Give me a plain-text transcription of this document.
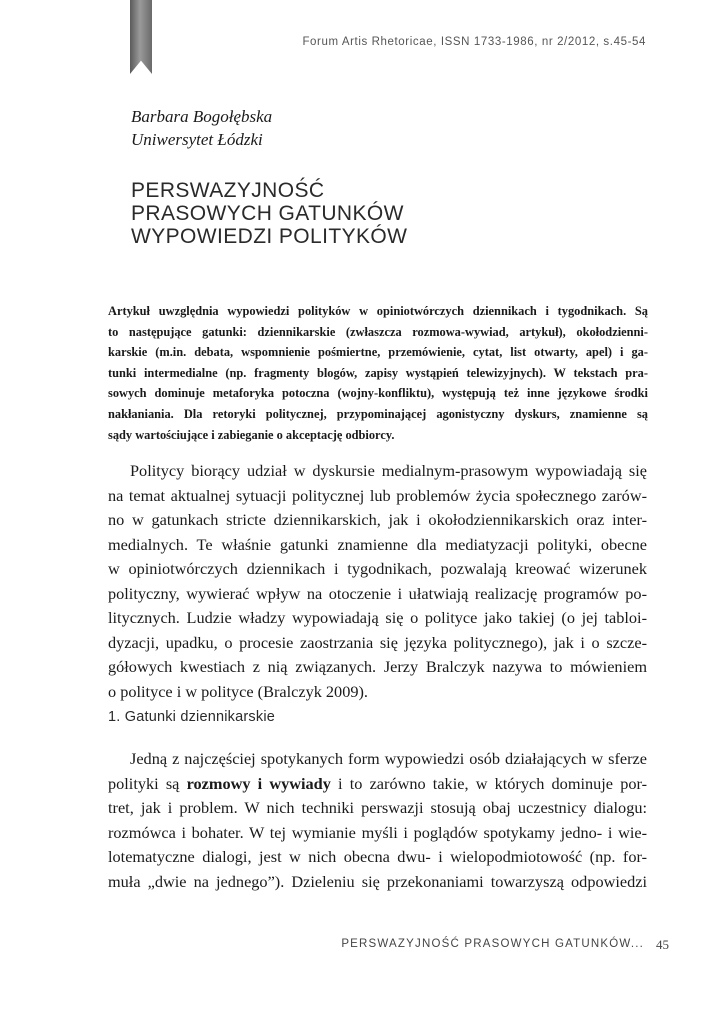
Forum Artis Rhetoricae, ISSN 1733-1986, nr 2/2012, s.45-54
Barbara Bogołębska
Uniwersytet Łódzki
PERSWAZYJNOŚĆ
PRASOWYCH GATUNKÓW
WYPOWIEDZI POLITYKÓW
Artykuł uwzględnia wypowiedzi polityków w opiniotwórczych dziennikach i tygodnikach. Są
to następujące gatunki: dziennikarskie (zwłaszcza rozmowa-wywiad, artykuł), okołodzienni-
karskie (m.in. debata, wspomnienie pośmiertne, przemówienie, cytat, list otwarty, apel) i ga-
tunki intermedialne (np. fragmenty blogów, zapisy wystąpień telewizyjnych). W tekstach pra-
sowych dominuje metaforyka potoczna (wojny-konfliktu), występują też inne językowe środki
nakłaniania. Dla retoryki politycznej, przypominającej agonistyczny dyskurs, znamienne są
sądy wartościujące i zabieganie o akceptację odbiorcy.
Politycy biorący udział w dyskursie medialnym-prasowym wypowiadają się
na temat aktualnej sytuacji politycznej lub problemów życia społecznego zarów-
no w gatunkach stricte dziennikarskich, jak i okołodziennikarskich oraz inter-
medialnych. Te właśnie gatunki znamienne dla mediatyzacji polityki, obecne
w opiniotwórczych dziennikach i tygodnikach, pozwalają kreować wizerunek
polityczny, wywierać wpływ na otoczenie i ułatwiają realizację programów po-
litycznych. Ludzie władzy wypowiadają się o polityce jako takiej (o jej tabloi-
dyzacji, upadku, o procesie zaostrzania się języka politycznego), jak i o szcze-
gółowych kwestiach z nią związanych. Jerzy Bralczyk nazywa to mówieniem
o polityce i w polityce (Bralczyk 2009).
1. Gatunki dziennikarskie
Jedną z najczęściej spotykanych form wypowiedzi osób działających w sferze
polityki są rozmowy i wywiady i to zarówno takie, w których dominuje por-
tret, jak i problem. W nich techniki perswazji stosują obaj uczestnicy dialogu:
rozmówca i bohater. W tej wymianie myśli i poglądów spotykamy jedno- i wie-
lotematyczne dialogi, jest w nich obecna dwu- i wielopodmiotowość (np. for-
muła „dwie na jednego”). Dzieleniu się przekonaniami towarzyszą odpowiedzi
PERSWAZYJNOŚĆ PRASOWYCH GATUNKÓW... 45
